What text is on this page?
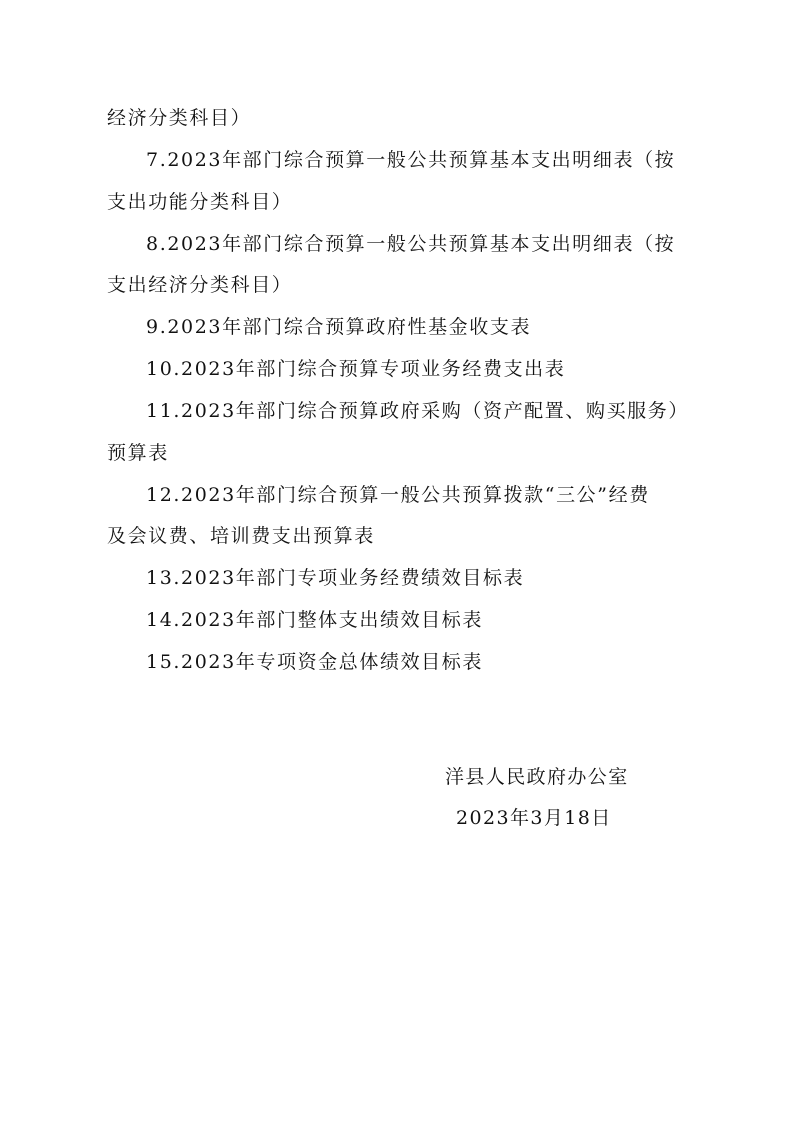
经济分类科目）
7.2023年部门综合预算一般公共预算基本支出明细表（按
支出功能分类科目）
8.2023年部门综合预算一般公共预算基本支出明细表（按
支出经济分类科目）
9.2023年部门综合预算政府性基金收支表
10.2023年部门综合预算专项业务经费支出表
11.2023年部门综合预算政府采购（资产配置、购买服务）
预算表
12.2023年部门综合预算一般公共预算拨款“三公”经费
及会议费、培训费支出预算表
13.2023年部门专项业务经费绩效目标表
14.2023年部门整体支出绩效目标表
15.2023年专项资金总体绩效目标表
洋县人民政府办公室
2023年3月18日
